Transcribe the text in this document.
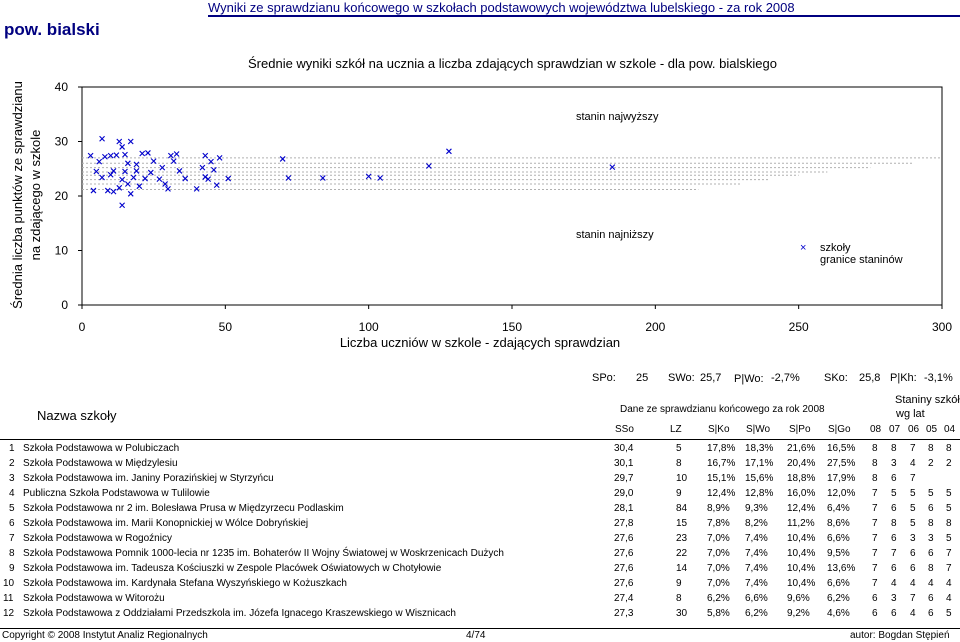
pow. bialski
Wyniki ze sprawdzianu końcowego w szkołach podstawowych województwa lubelskiego - za rok 2008
Średnie wyniki szkół na ucznia a liczba zdających sprawdzian w szkole - dla pow. bialskiego
Średnia liczba punktów ze sprawdzianu na zdającego w szkole
Liczba uczniów w szkole - zdających sprawdzian
0	50	100	150	200	250	300
0
10
20
30
40
stanin najwyższy
stanin najniższy
× szkoły
granice staninów
SPo: 25 SWo: 25,7 P|Wo: -2,7% SKo: 25,8 P|Kh: -3,1%
Nazwa szkoły	Dane ze sprawdzianu końcowego za rok 2008
Staniny szkół
wg lat
SSo	LZ	S|Ko S|Wo S|Po S|Go 08 07 06 05 04
1 Szkoła Podstawowa w Polubiczach	30,4	5	17,8% 18,3% 21,6% 16,5% 8 8 7 8 8
2 Szkoła Podstawowa w Międzylesiu	30,1	8	16,7% 17,1% 20,4% 27,5% 8 3 4 2 2
3 Szkoła Podstawowa im. Janiny Porazińskiej w Styrzyńcu	29,7	10 15,1% 15,6% 18,8% 17,9% 8 6 7
4 Publiczna Szkoła Podstawowa w Tulilowie	29,0	9	12,4% 12,8% 16,0% 12,0% 7 5 5 5 5
5 Szkoła Podstawowa nr 2 im. Bolesława Prusa w Międzyrzecu Podlaskim	28,1	84 8,9% 9,3% 12,4% 6,4% 7 6 5 6 5
6 Szkoła Podstawowa im. Marii Konopnickiej w Wólce Dobryńskiej	27,8	15 7,8% 8,2% 11,2% 8,6% 7 8 5 8 8
7 Szkoła Podstawowa w Rogoźnicy	27,6	23 7,0% 7,4% 10,4% 6,6% 7 6 3 3 5
8 Szkoła Podstawowa Pomnik 1000-lecia nr 1235 im. Bohaterów II Wojny Światowej w Woskrzenicach Dużych	27,6	22 7,0% 7,4% 10,4% 9,5% 7 7 6 6 7
9 Szkoła Podstawowa im. Tadeusza Kościuszki w Zespole Placówek Oświatowych w Chotyłowie	27,6	14 7,0% 7,4% 10,4% 13,6% 7 6 6 8 7
10 Szkoła Podstawowa im. Kardynała Stefana Wyszyńskiego w Kożuszkach	27,6	9	7,0% 7,4% 10,4% 6,6% 7 4 4 4 4
11 Szkoła Podstawowa w Witorożu	27,4	8	6,2% 6,6% 9,6% 6,2% 6 3 7 6 4
12 Szkoła Podstawowa z Oddziałami Przedszkola im. Józefa Ignacego Kraszewskiego w Wisznicach	27,3	30 5,8% 6,2% 9,2% 4,6% 6 6 4 6 5
Copyright © 2008 Instytut Analiz Regionalnych	4/74	autor: Bogdan Stępień
